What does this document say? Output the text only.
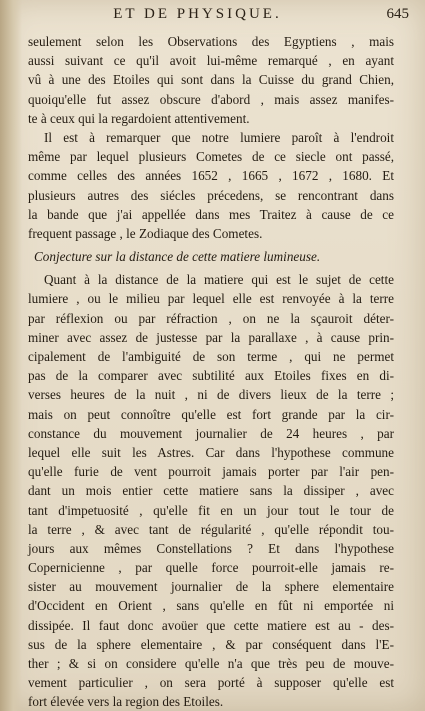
ET DE PHYSIQUE.	645
seulement selon les Observations des Egyptiens , mais
aussi suivant ce qu'il avoit lui-même remarqué , en ayant
vû à une des Etoiles qui sont dans la Cuisse du grand Chien,
quoiqu'elle fut assez obscure d'abord , mais assez manifes-
te à ceux qui la regardoient attentivement.
Il est à remarquer que notre lumiere paroît à l'endroit
même par lequel plusieurs Cometes de ce siecle ont passé,
comme celles des années 1652 , 1665 , 1672 , 1680. Et
plusieurs autres des siécles précedens, se rencontrant dans
la bande que j'ai appellée dans mes Traitez à cause de ce
frequent passage , le Zodiaque des Cometes.
Conjecture sur la distance de cette matiere lumineuse.
Quant à la distance de la matiere qui est le sujet de cette
lumiere , ou le milieu par lequel elle est renvoyée à la terre
par réflexion ou par réfraction , on ne la sçauroit déter-
miner avec assez de justesse par la parallaxe , à cause prin-
cipalement de l'ambiguité de son terme , qui ne permet
pas de la comparer avec subtilité aux Etoiles fixes en di-
verses heures de la nuit , ni de divers lieux de la terre ;
mais on peut connoître qu'elle est fort grande par la cir-
constance du mouvement journalier de 24 heures , par
lequel elle suit les Astres. Car dans l'hypothese commune
qu'elle furie de vent pourroit jamais porter par l'air pen-
dant un mois entier cette matiere sans la dissiper , avec
tant d'impetuosité , qu'elle fit en un jour tout le tour de
la terre , & avec tant de régularité , qu'elle répondit tou-
jours aux mêmes Constellations ? Et dans l'hypothese
Copernicienne , par quelle force pourroit-elle jamais re-
sister au mouvement journalier de la sphere elementaire
d'Occident en Orient , sans qu'elle en fût ni emportée ni
dissipée. Il faut donc avoüer que cette matiere est au - des-
sus de la sphere elementaire , & par conséquent dans l'E-
ther ; & si on considere qu'elle n'a que très peu de mouve-
vement particulier , on sera porté à supposer qu'elle est
fort élevée vers la region des Etoiles.
